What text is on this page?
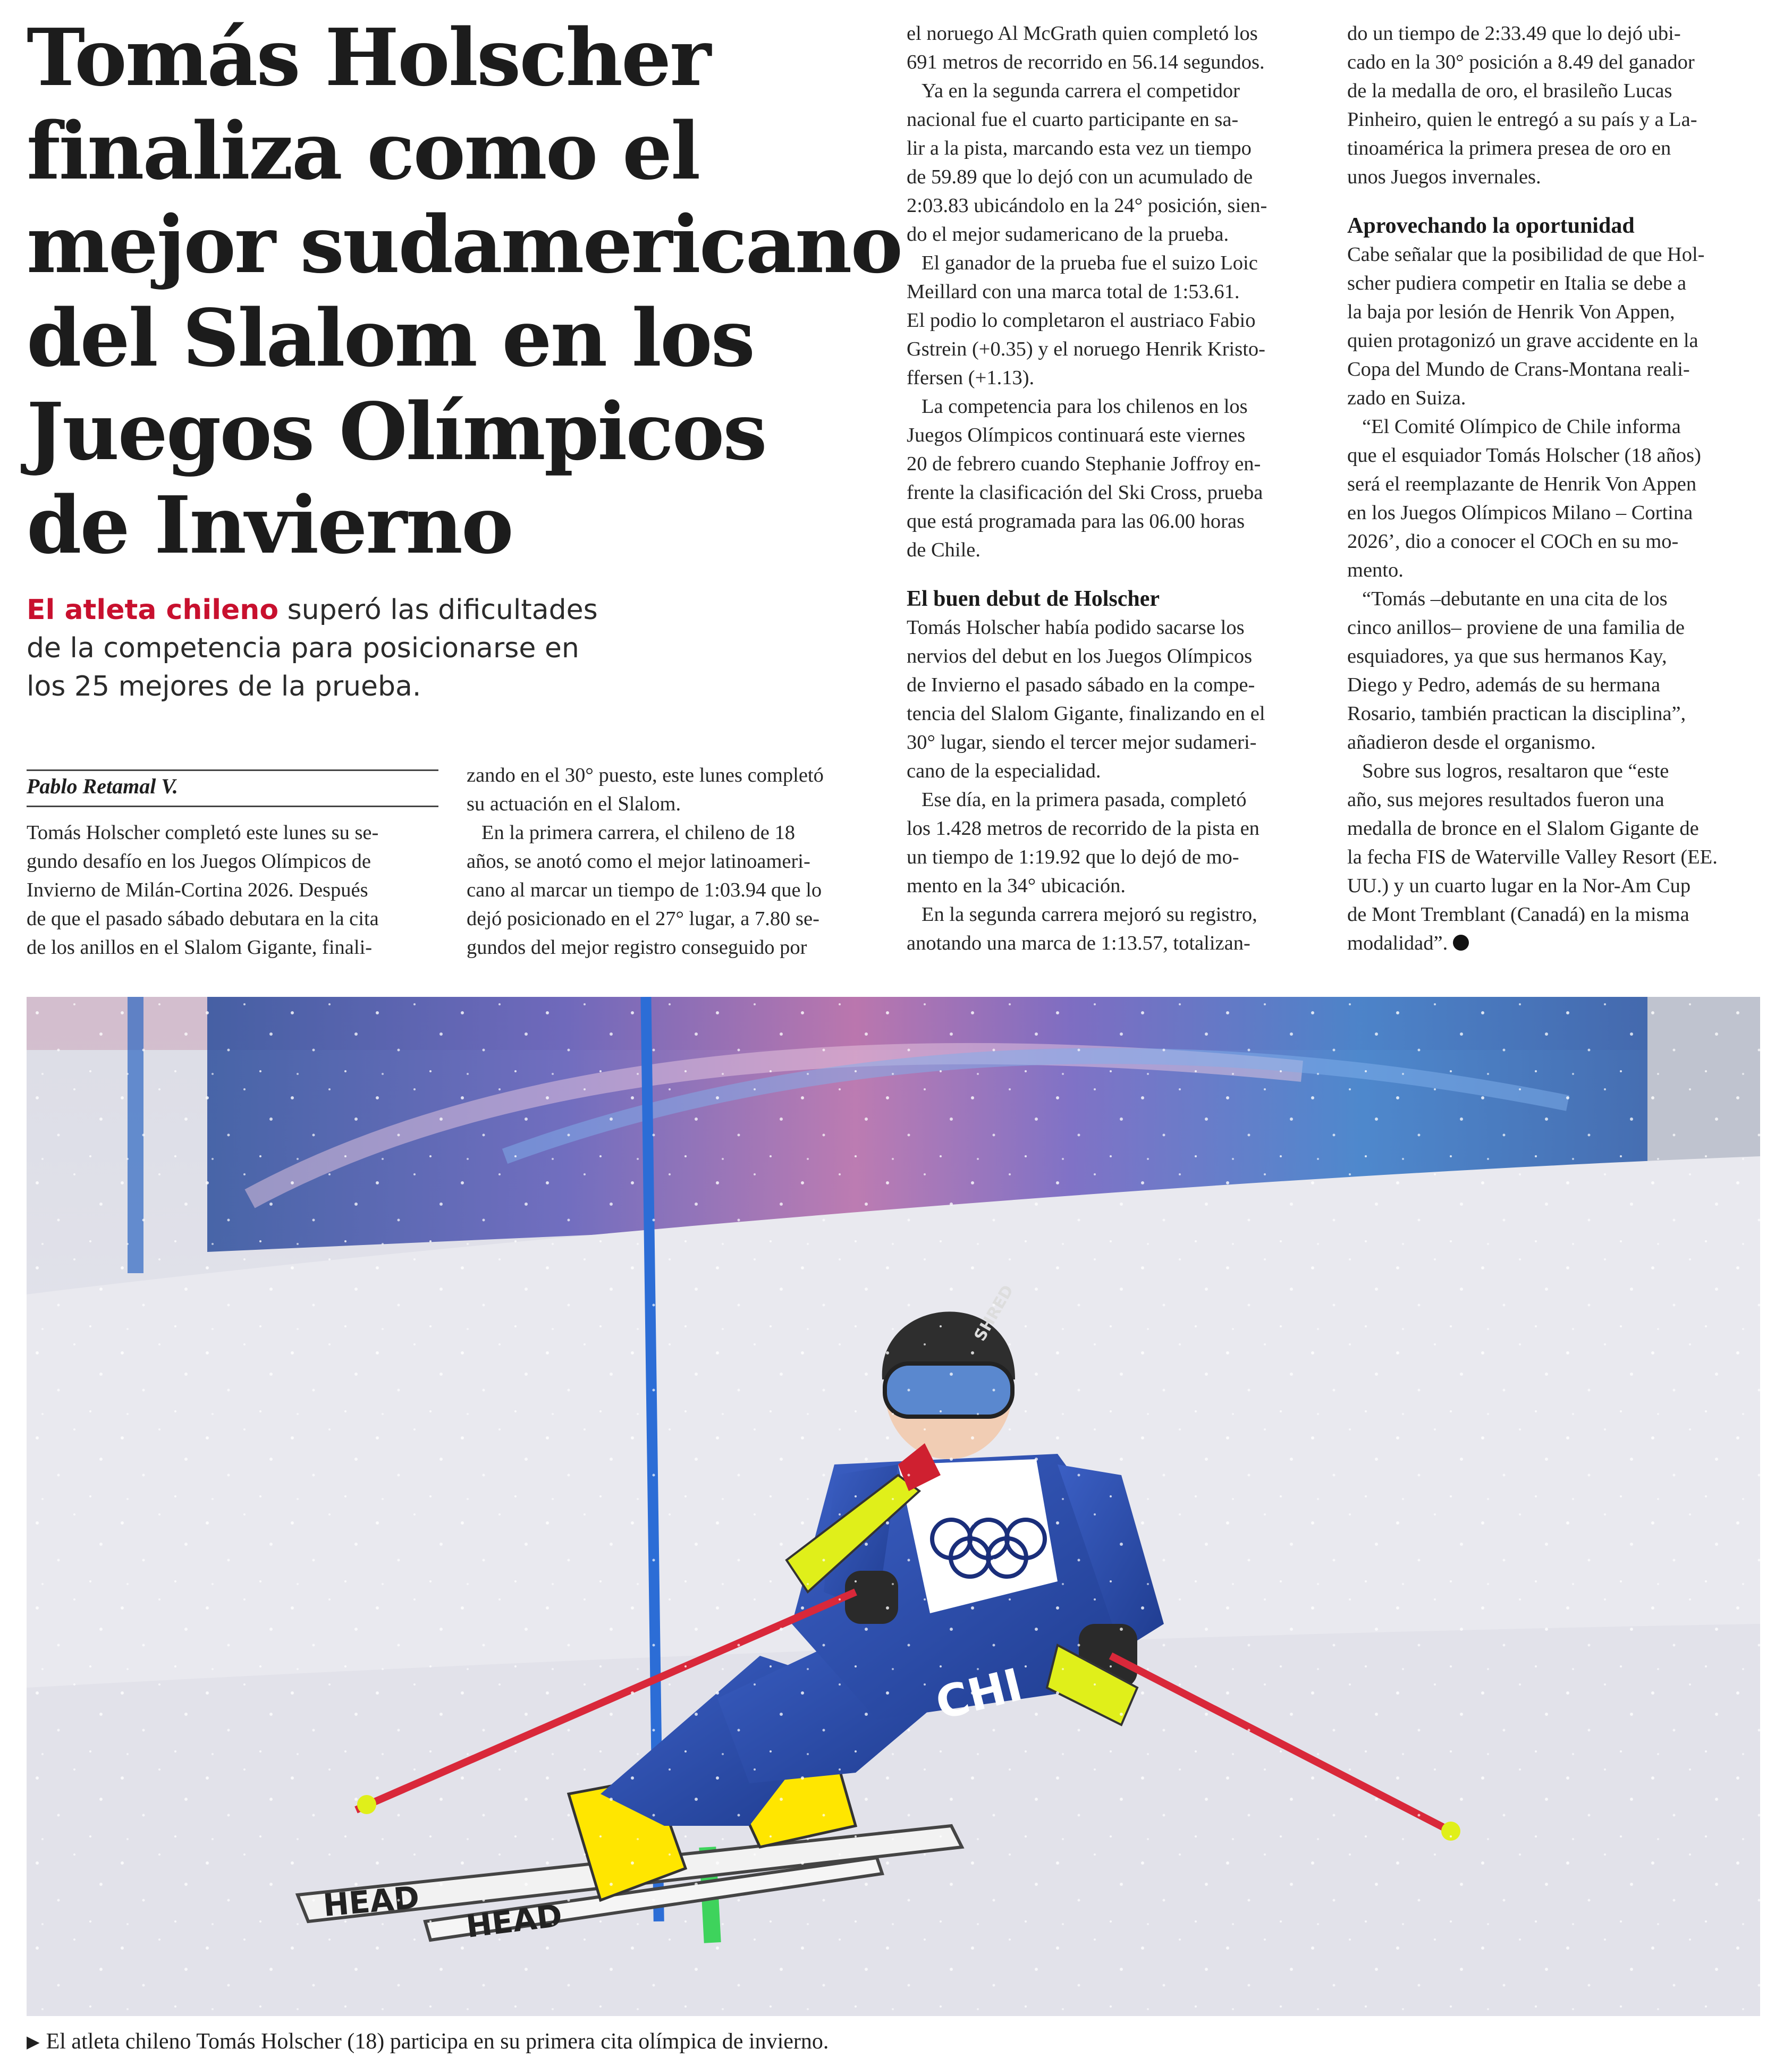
Tomás Holscher
finaliza como el
mejor sudamericano
del Slalom en los
Juegos Olímpicos
de Invierno
El atleta chileno superó las dificultades
de la competencia para posicionarse en
los 25 mejores de la prueba.
Pablo Retamal V.
Tomás Holscher completó este lunes su se-
gundo desafío en los Juegos Olímpicos de
Invierno de Milán-Cortina 2026. Después
de que el pasado sábado debutara en la cita
de los anillos en el Slalom Gigante, finali-
zando en el 30° puesto, este lunes completó
su actuación en el Slalom.
En la primera carrera, el chileno de 18
años, se anotó como el mejor latinoameri-
cano al marcar un tiempo de 1:03.94 que lo
dejó posicionado en el 27° lugar, a 7.80 se-
gundos del mejor registro conseguido por
el noruego Al McGrath quien completó los
691 metros de recorrido en 56.14 segundos.
Ya en la segunda carrera el competidor
nacional fue el cuarto participante en sa-
lir a la pista, marcando esta vez un tiempo
de 59.89 que lo dejó con un acumulado de
2:03.83 ubicándolo en la 24° posición, sien-
do el mejor sudamericano de la prueba.
El ganador de la prueba fue el suizo Loic
Meillard con una marca total de 1:53.61.
El podio lo completaron el austriaco Fabio
Gstrein (+0.35) y el noruego Henrik Kristo-
ffersen (+1.13).
La competencia para los chilenos en los
Juegos Olímpicos continuará este viernes
20 de febrero cuando Stephanie Joffroy en-
frente la clasificación del Ski Cross, prueba
que está programada para las 06.00 horas
de Chile.
El buen debut de Holscher
Tomás Holscher había podido sacarse los
nervios del debut en los Juegos Olímpicos
de Invierno el pasado sábado en la compe-
tencia del Slalom Gigante, finalizando en el
30° lugar, siendo el tercer mejor sudameri-
cano de la especialidad.
Ese día, en la primera pasada, completó
los 1.428 metros de recorrido de la pista en
un tiempo de 1:19.92 que lo dejó de mo-
mento en la 34° ubicación.
En la segunda carrera mejoró su registro,
anotando una marca de 1:13.57, totalizan-
do un tiempo de 2:33.49 que lo dejó ubi-
cado en la 30° posición a 8.49 del ganador
de la medalla de oro, el brasileño Lucas
Pinheiro, quien le entregó a su país y a La-
tinoamérica la primera presea de oro en
unos Juegos invernales.
Aprovechando la oportunidad
Cabe señalar que la posibilidad de que Hol-
scher pudiera competir en Italia se debe a
la baja por lesión de Henrik Von Appen,
quien protagonizó un grave accidente en la
Copa del Mundo de Crans-Montana reali-
zado en Suiza.
“El Comité Olímpico de Chile informa
que el esquiador Tomás Holscher (18 años)
será el reemplazante de Henrik Von Appen
en los Juegos Olímpicos Milano – Cortina
2026’, dio a conocer el COCh en su mo-
mento.
“Tomás –debutante en una cita de los
cinco anillos– proviene de una familia de
esquiadores, ya que sus hermanos Kay,
Diego y Pedro, además de su hermana
Rosario, también practican la disciplina”,
añadieron desde el organismo.
Sobre sus logros, resaltaron que “este
año, sus mejores resultados fueron una
medalla de bronce en el Slalom Gigante de
la fecha FIS de Waterville Valley Resort (EE.
UU.) y un cuarto lugar en la Nor-Am Cup
de Mont Tremblant (Canadá) en la misma
modalidad”.
▶ El atleta chileno Tomás Holscher (18) participa en su primera cita olímpica de invierno.
